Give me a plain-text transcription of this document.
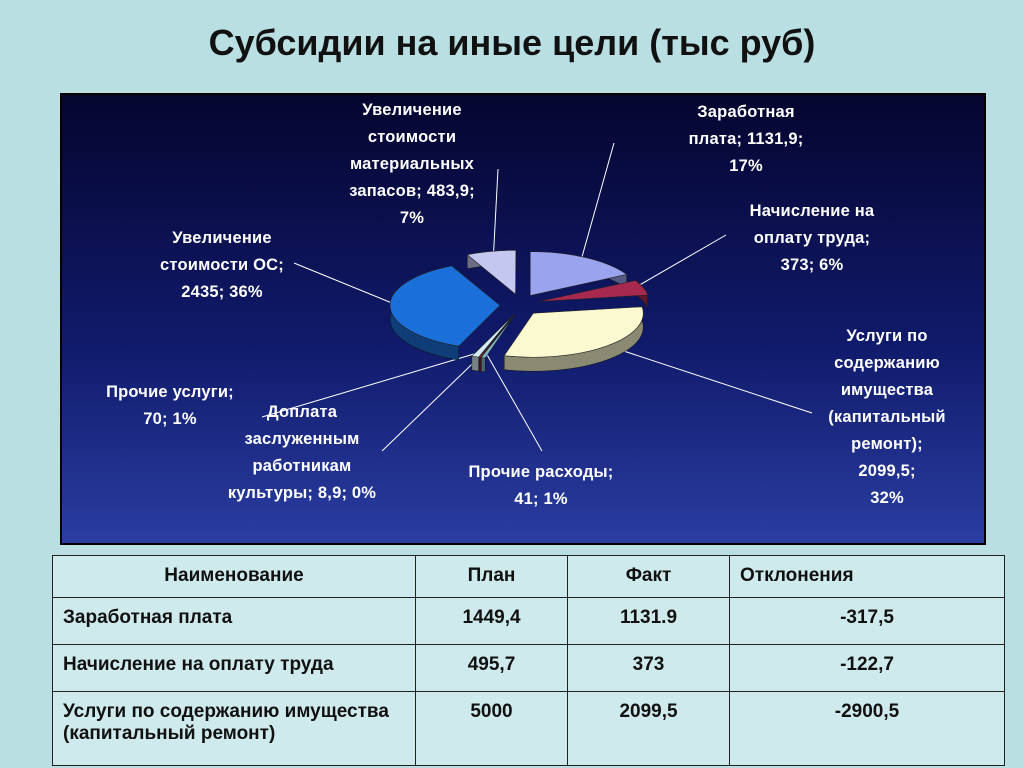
Субсидии на иные цели (тыс руб)
Заработная
плата; 1131,9;
17%
Начисление на
оплату труда;
373; 6%
Услуги по
содержанию
имущества
(капитальный
ремонт);
2099,5;
32%
Прочие расходы;
41; 1%
Доплата
заслуженным
работникам
культуры; 8,9; 0%
Прочие услуги;
70; 1%
Увеличение
стоимости ОС;
2435; 36%
Увеличение
стоимости
материальных
запасов; 483,9;
7%
Наименование	План	Факт	Отклонения
Заработная плата	1449,4	1131.9	-317,5
Начисление на оплату труда	495,7	373	-122,7
Услуги по содержанию имущества (капитальный ремонт)	5000	2099,5	-2900,5
